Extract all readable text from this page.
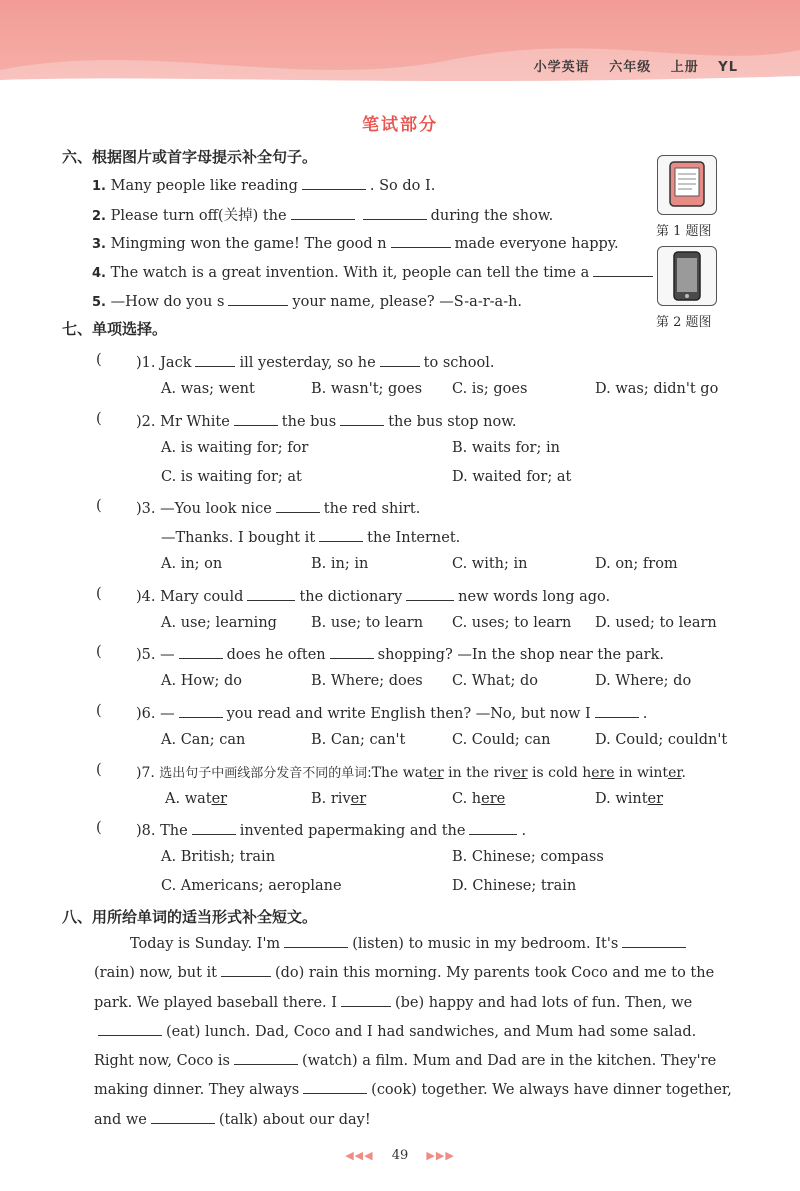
小学英语 六年级 上册 YL
笔试部分
六、根据图片或首字母提示补全句子。
1. Many people like reading	. So do I.
2. Please turn off(关掉) the	during the show.
3. Mingming won the game! The good n	made everyone happy.
4. The watch is a great invention. With it, people can tell the time a
5. —How do you s	your name, please? —S-a-r-a-h.
第 1 题图
第 2 题图
七、单项选择。
( )1. Jack	ill yesterday, so he	to school.
A. was; went	B. wasn't; goes C. is; goes	D. was; didn't go
( )2. Mr White	the bus	the bus stop now.
A. is waiting for; for	B. waits for; in
C. is waiting for; at	D. waited for; at
( )3. —You look nice	the red shirt.
—Thanks. I bought it	the Internet.
A. in; on	B. in; in	C. with; in	D. on; from
( )4. Mary could	the dictionary	new words long ago.
A. use; learning B. use; to learn C. uses; to learn D. used; to learn
( )5. —	does he often	shopping? —In the shop near the park.
A. How; do	B. Where; does C. What; do	D. Where; do
( )6. —	you read and write English then? —No, but now I	.
A. Can; can	B. Can; can't	C. Could; can	D. Could; couldn't
( )7. 选出句子中画线部分发音不同的单词:The water in the river is cold here in winter.
A. water	B. river	C. here	D. winter
( )8. The	invented papermaking and the	.
A. British; train	B. Chinese; compass
C. Americans; aeroplane	D. Chinese; train
八、用所给单词的适当形式补全短文。
Today is Sunday. I'm	(listen) to music in my bedroom. It's (rain) now, but it	(do) rain this morning. My parents took Coco and me to the park. We played baseball there. I	(be) happy and had lots of fun. Then, we(eat) lunch. Dad, Coco and I had sandwiches, and Mum had some salad. Right now, Coco is	(watch) a film. Mum and Dad are in the kitchen. They're making dinner. They always	(cook) together. We always have dinner together, and we	(talk) about our day!
◀◀◀ 49 ▶▶▶
